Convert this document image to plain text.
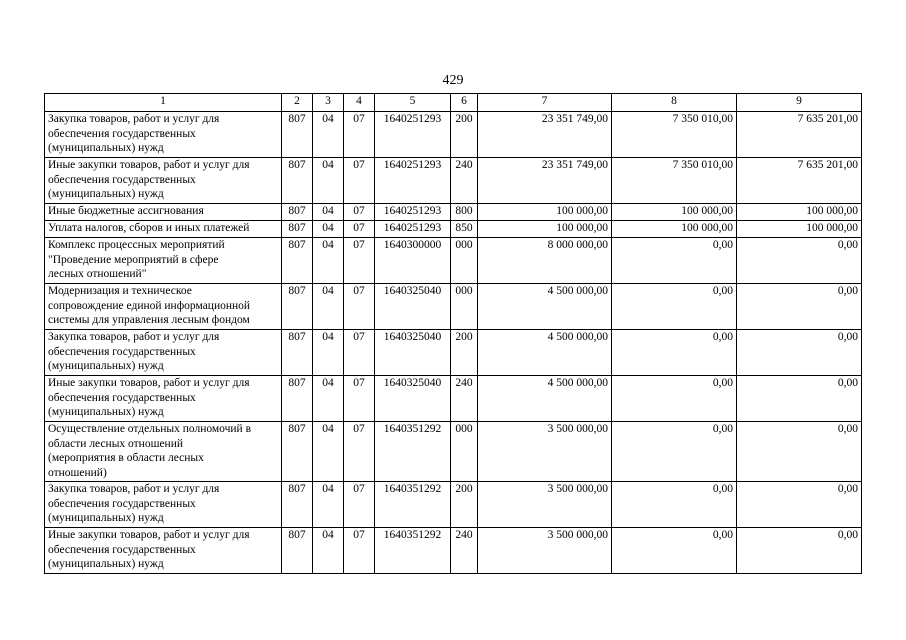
429
1	2	3	4	5	6	7	8	9

Закупка товаров, работ и услуг для
обеспечения государственных
(муниципальных) нужд	807	04	07	1640251293	200	23 351 749,00	7 350 010,00	7 635 201,00

Иные закупки товаров, работ и услуг для
обеспечения государственных
(муниципальных) нужд	807	04	07	1640251293	240	23 351 749,00	7 350 010,00	7 635 201,00

Иные бюджетные ассигнования	807	04	07	1640251293	800	100 000,00	100 000,00	100 000,00

Уплата налогов, сборов и иных платежей	807	04	07	1640251293	850	100 000,00	100 000,00	100 000,00

Комплекс процессных мероприятий
"Проведение мероприятий в сфере
лесных отношений"	807	04	07	1640300000	000	8 000 000,00	0,00	0,00

Модернизация и техническое
сопровождение единой информационной
системы для управления лесным фондом	807	04	07	1640325040	000	4 500 000,00	0,00	0,00

Закупка товаров, работ и услуг для
обеспечения государственных
(муниципальных) нужд	807	04	07	1640325040	200	4 500 000,00	0,00	0,00

Иные закупки товаров, работ и услуг для
обеспечения государственных
(муниципальных) нужд	807	04	07	1640325040	240	4 500 000,00	0,00	0,00

Осуществление отдельных полномочий в
области лесных отношений
(мероприятия в области лесных
отношений)	807	04	07	1640351292	000	3 500 000,00	0,00	0,00

Закупка товаров, работ и услуг для
обеспечения государственных
(муниципальных) нужд	807	04	07	1640351292	200	3 500 000,00	0,00	0,00

Иные закупки товаров, работ и услуг для
обеспечения государственных
(муниципальных) нужд	807	04	07	1640351292	240	3 500 000,00	0,00	0,00
